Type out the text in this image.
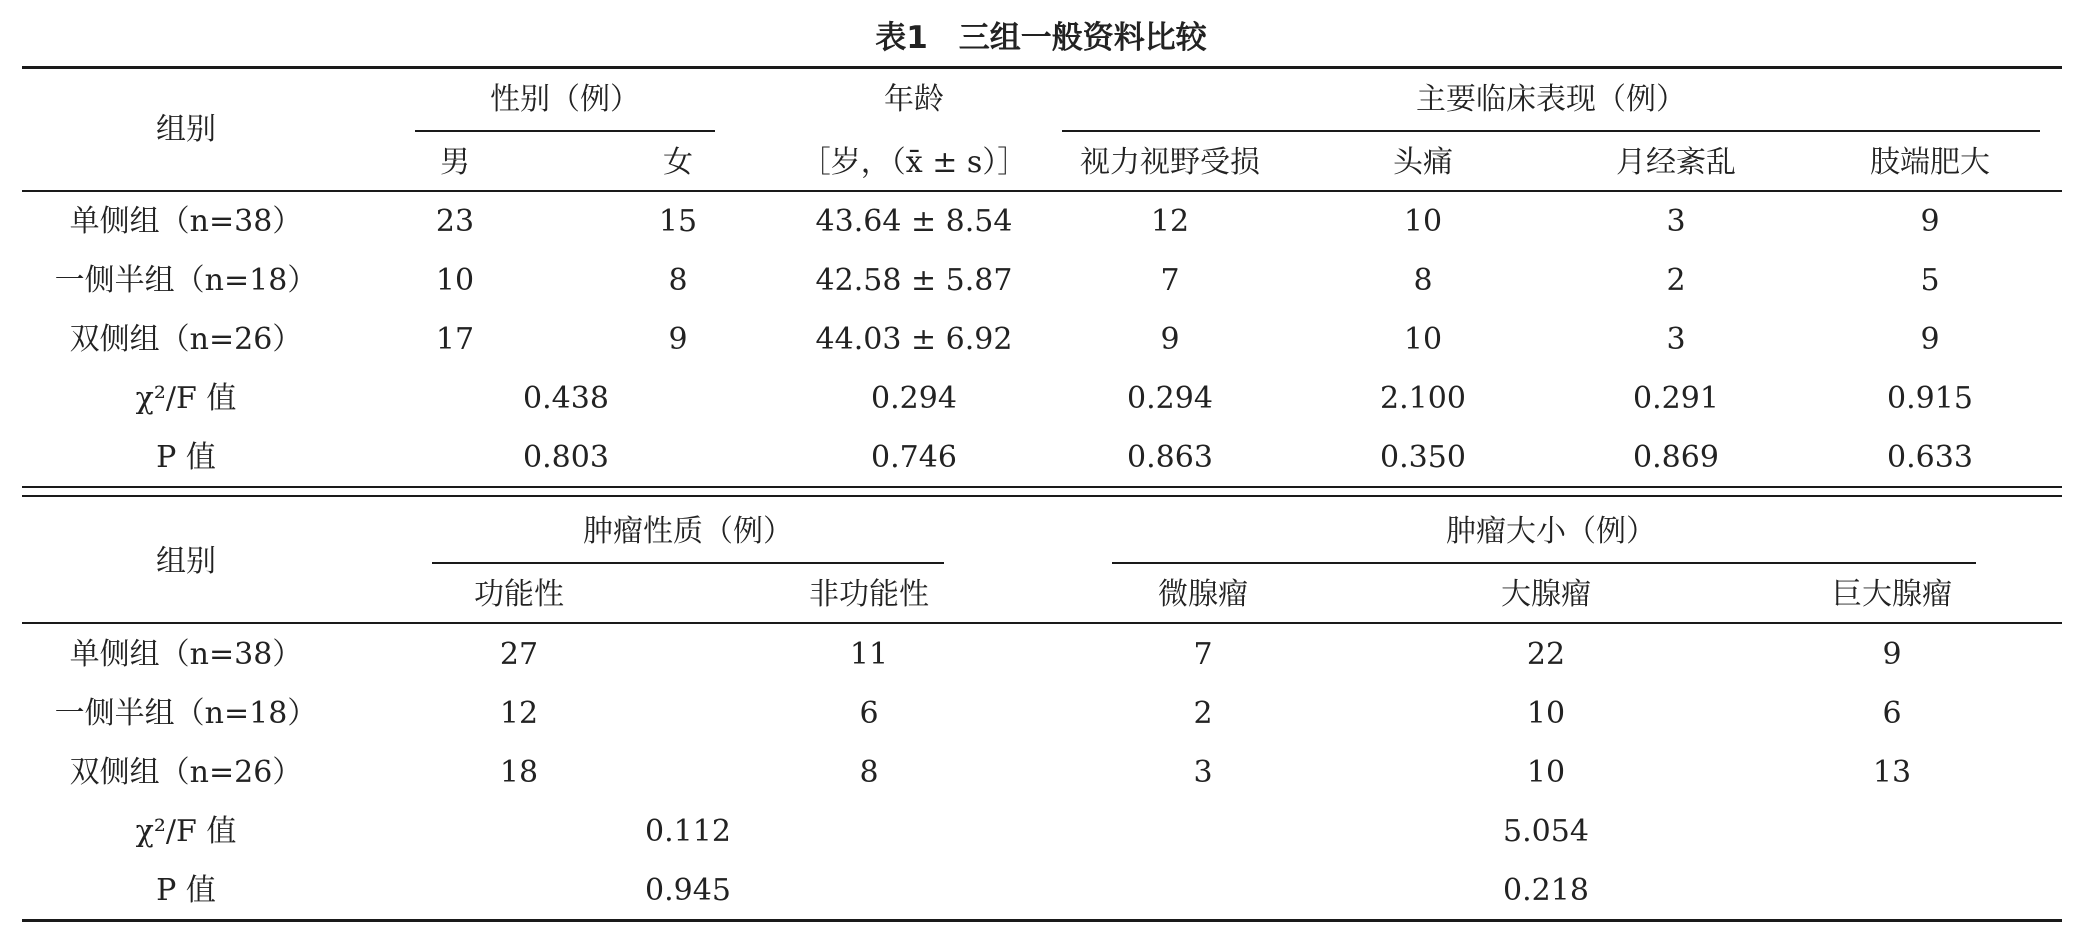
表1　三组一般资料比较
组别
性别（例）
男	女
年龄
［岁，（x̄ ± s）］
主要临床表现（例）
视力视野受损	头痛	月经紊乱	肢端肥大
单侧组（n=38）	23	15	43.64 ± 8.54	12	10	3	9
一侧半组（n=18）	10	8	42.58 ± 5.87	7	8	2	5
双侧组（n=26）	17	9	44.03 ± 6.92	9	10	3	9
χ²/F 值	0.438	0.294	0.294	2.100	0.291	0.915
P 值	0.803	0.746	0.863	0.350	0.869	0.633
组别
肿瘤性质（例）
功能性	非功能性
肿瘤大小（例）
微腺瘤	大腺瘤	巨大腺瘤
单侧组（n=38）	27	11	7	22	9
一侧半组（n=18）	12	6	2	10	6
双侧组（n=26）	18	8	3	10	13
χ²/F 值	0.112	5.054
P 值	0.945	0.218
